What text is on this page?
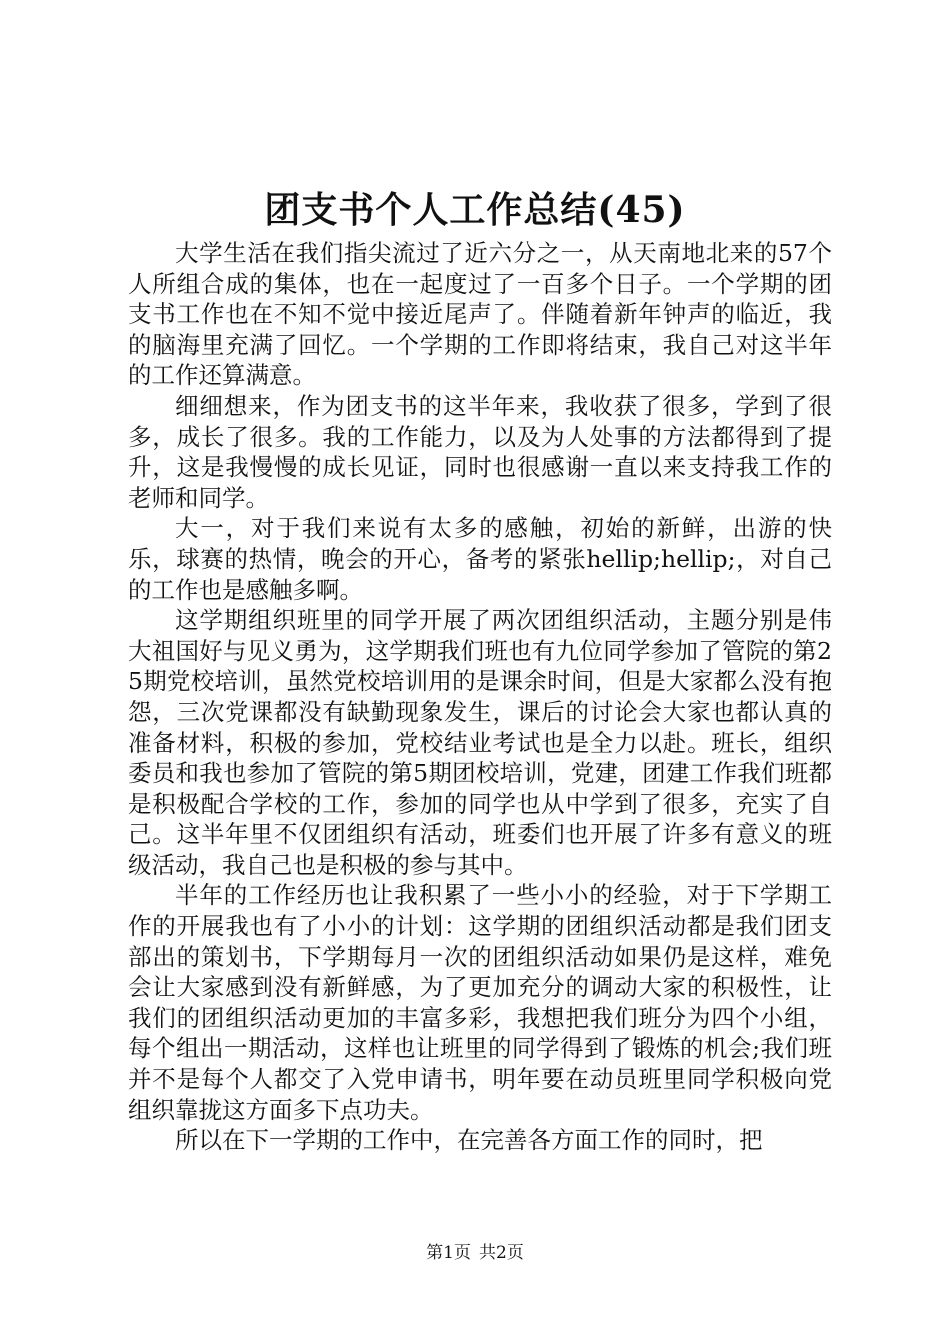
团支书个人工作总结(45)

大学生活在我们指尖流过了近六分之一，从天南地北来的57个人所组合成的集体，也在一起度过了一百多个日子。一个学期的团支书工作也在不知不觉中接近尾声了。伴随着新年钟声的临近，我的脑海里充满了回忆。一个学期的工作即将结束，我自己对这半年的工作还算满意。

细细想来，作为团支书的这半年来，我收获了很多，学到了很多，成长了很多。我的工作能力，以及为人处事的方法都得到了提升，这是我慢慢的成长见证，同时也很感谢一直以来支持我工作的老师和同学。

大一，对于我们来说有太多的感触，初始的新鲜，出游的快乐，球赛的热情，晚会的开心，备考的紧张hellip;hellip;，对自己的工作也是感触多啊。

这学期组织班里的同学开展了两次团组织活动，主题分别是伟大祖国好与见义勇为，这学期我们班也有九位同学参加了管院的第25期党校培训，虽然党校培训用的是课余时间，但是大家都么没有抱怨，三次党课都没有缺勤现象发生，课后的讨论会大家也都认真的准备材料，积极的参加，党校结业考试也是全力以赴。班长，组织委员和我也参加了管院的第5期团校培训，党建，团建工作我们班都是积极配合学校的工作，参加的同学也从中学到了很多，充实了自己。这半年里不仅团组织有活动，班委们也开展了许多有意义的班级活动，我自己也是积极的参与其中。

半年的工作经历也让我积累了一些小小的经验，对于下学期工作的开展我也有了小小的计划：这学期的团组织活动都是我们团支部出的策划书，下学期每月一次的团组织活动如果仍是这样，难免会让大家感到没有新鲜感，为了更加充分的调动大家的积极性，让我们的团组织活动更加的丰富多彩，我想把我们班分为四个小组，每个组出一期活动，这样也让班里的同学得到了锻炼的机会;我们班并不是每个人都交了入党申请书，明年要在动员班里同学积极向党组织靠拢这方面多下点功夫。

所以在下一学期的工作中，在完善各方面工作的同时，把

第1页 共2页
